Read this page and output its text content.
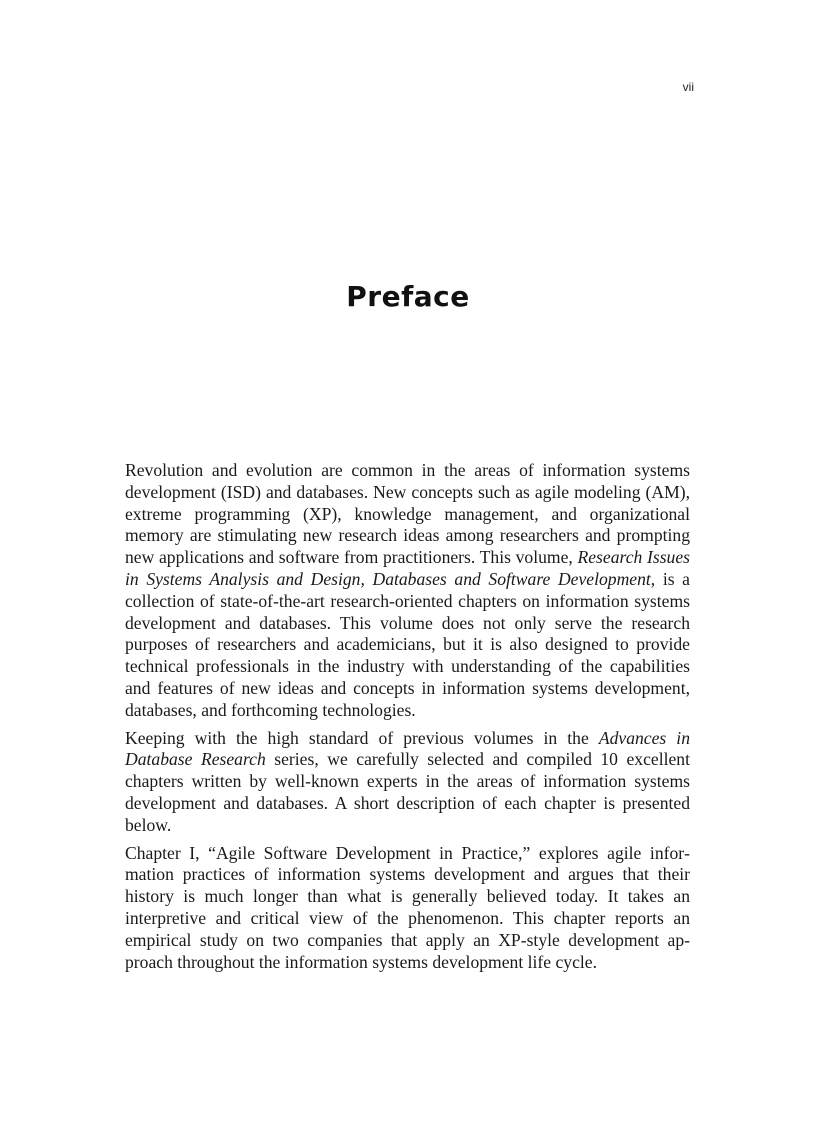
vii
Preface

Revolution and evolution are common in the areas of information systems development (ISD) and databases. New concepts such as agile modeling (AM), extreme programming (XP), knowledge management, and organizational memory are stimulating new research ideas among researchers and prompting new applications and software from practitioners. This volume, Research Issues in Systems Analysis and Design, Databases and Software Development, is a collection of state-of-the-art research-oriented chapters on information systems development and databases. This volume does not only serve the research purposes of researchers and academicians, but it is also designed to provide technical professionals in the industry with understanding of the capabilities and features of new ideas and concepts in information systems development, databases, and forthcoming technologies.

Keeping with the high standard of previous volumes in the Advances in Database Research series, we carefully selected and compiled 10 excellent chapters written by well-known experts in the areas of information systems development and databases. A short description of each chapter is presented below.

Chapter I, “Agile Software Development in Practice,” explores agile information practices of information systems development and argues that their history is much longer than what is generally believed today. It takes an interpretive and critical view of the phenomenon. This chapter reports an empirical study on two companies that apply an XP-style development approach throughout the information systems development life cycle.
